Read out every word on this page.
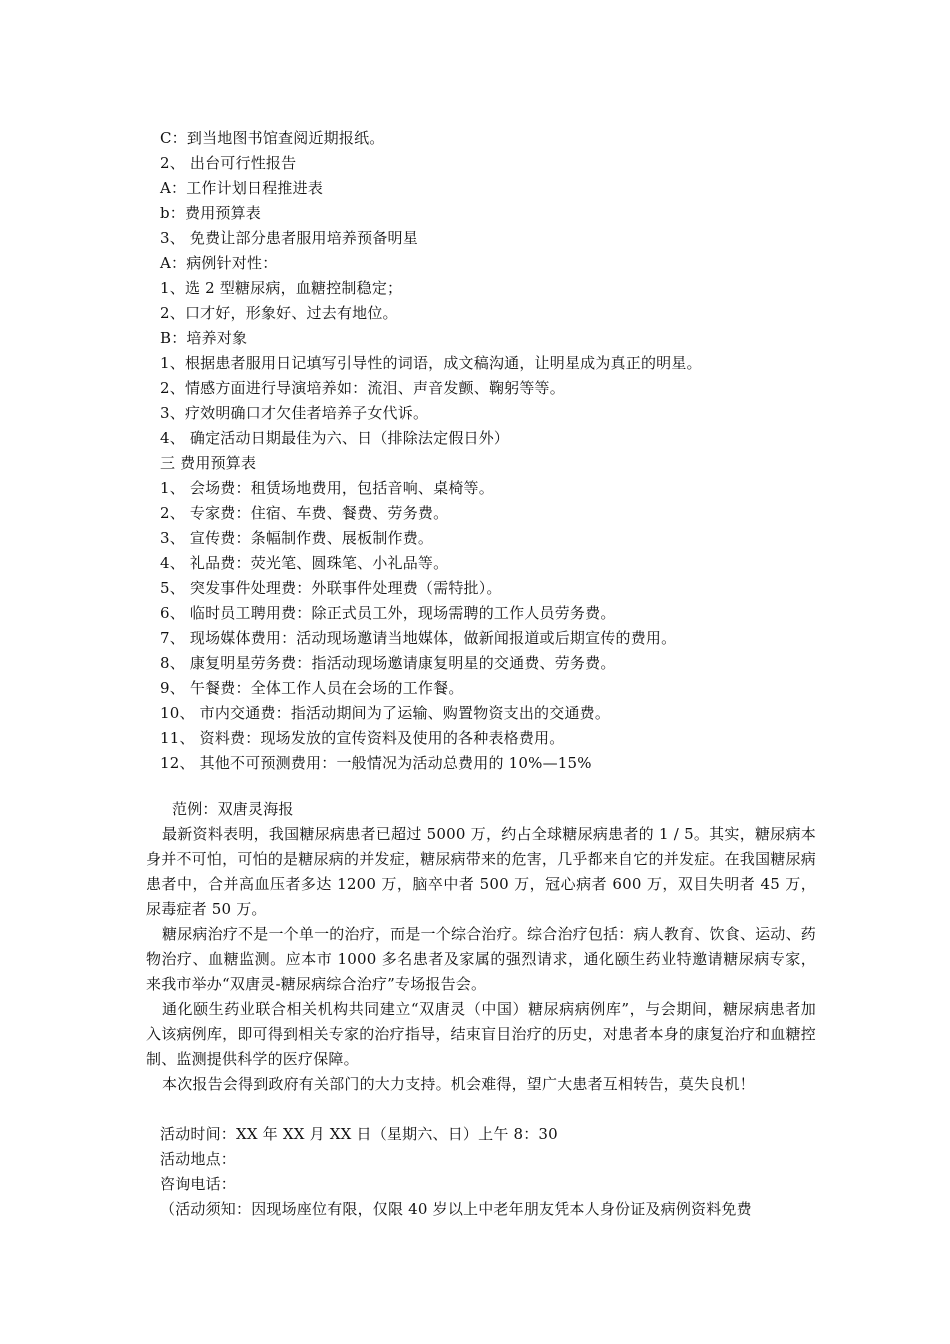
C：到当地图书馆查阅近期报纸。
2、 出台可行性报告
A：工作计划日程推进表
b：费用预算表
3、 免费让部分患者服用培养预备明星
A：病例针对性：
1、选 2 型糖尿病，血糖控制稳定；
2、口才好，形象好、过去有地位。
B：培养对象
1、根据患者服用日记填写引导性的词语，成文稿沟通，让明星成为真正的明星。
2、情感方面进行导演培养如：流泪、声音发颤、鞠躬等等。
3、疗效明确口才欠佳者培养子女代诉。
4、 确定活动日期最佳为六、日（排除法定假日外）
三 费用预算表
1、 会场费：租赁场地费用，包括音响、桌椅等。
2、 专家费：住宿、车费、餐费、劳务费。
3、 宣传费：条幅制作费、展板制作费。
4、 礼品费：荧光笔、圆珠笔、小礼品等。
5、 突发事件处理费：外联事件处理费（需特批）。
6、 临时员工聘用费：除正式员工外，现场需聘的工作人员劳务费。
7、 现场媒体费用：活动现场邀请当地媒体，做新闻报道或后期宣传的费用。
8、 康复明星劳务费：指活动现场邀请康复明星的交通费、劳务费。
9、 午餐费：全体工作人员在会场的工作餐。
10、 市内交通费：指活动期间为了运输、购置物资支出的交通费。
11、 资料费：现场发放的宣传资料及使用的各种表格费用。
12、 其他不可预测费用：一般情况为活动总费用的 10%—15%
范例：双唐灵海报

最新资料表明，我国糖尿病患者已超过 5000 万，约占全球糖尿病患者的 1 / 5。其实，糖尿病本身并不可怕，可怕的是糖尿病的并发症，糖尿病带来的危害，几乎都来自它的并发症。在我国糖尿病患者中，合并高血压者多达 1200 万，脑卒中者 500 万，冠心病者 600 万，双目失明者 45 万，尿毒症者 50 万。

糖尿病治疗不是一个单一的治疗，而是一个综合治疗。综合治疗包括：病人教育、饮食、运动、药物治疗、血糖监测。应本市 1000 多名患者及家属的强烈请求，通化颐生药业特邀请糖尿病专家，来我市举办“双唐灵-糖尿病综合治疗”专场报告会。

通化颐生药业联合相关机构共同建立“双唐灵（中国）糖尿病病例库”，与会期间，糖尿病患者加入该病例库，即可得到相关专家的治疗指导，结束盲目治疗的历史，对患者本身的康复治疗和血糖控制、监测提供科学的医疗保障。

本次报告会得到政府有关部门的大力支持。机会难得，望广大患者互相转告，莫失良机！

活动时间：XX 年 XX 月 XX 日（星期六、日）上午 8：30
活动地点：
咨询电话：
（活动须知：因现场座位有限，仅限 40 岁以上中老年朋友凭本人身份证及病例资料免费
